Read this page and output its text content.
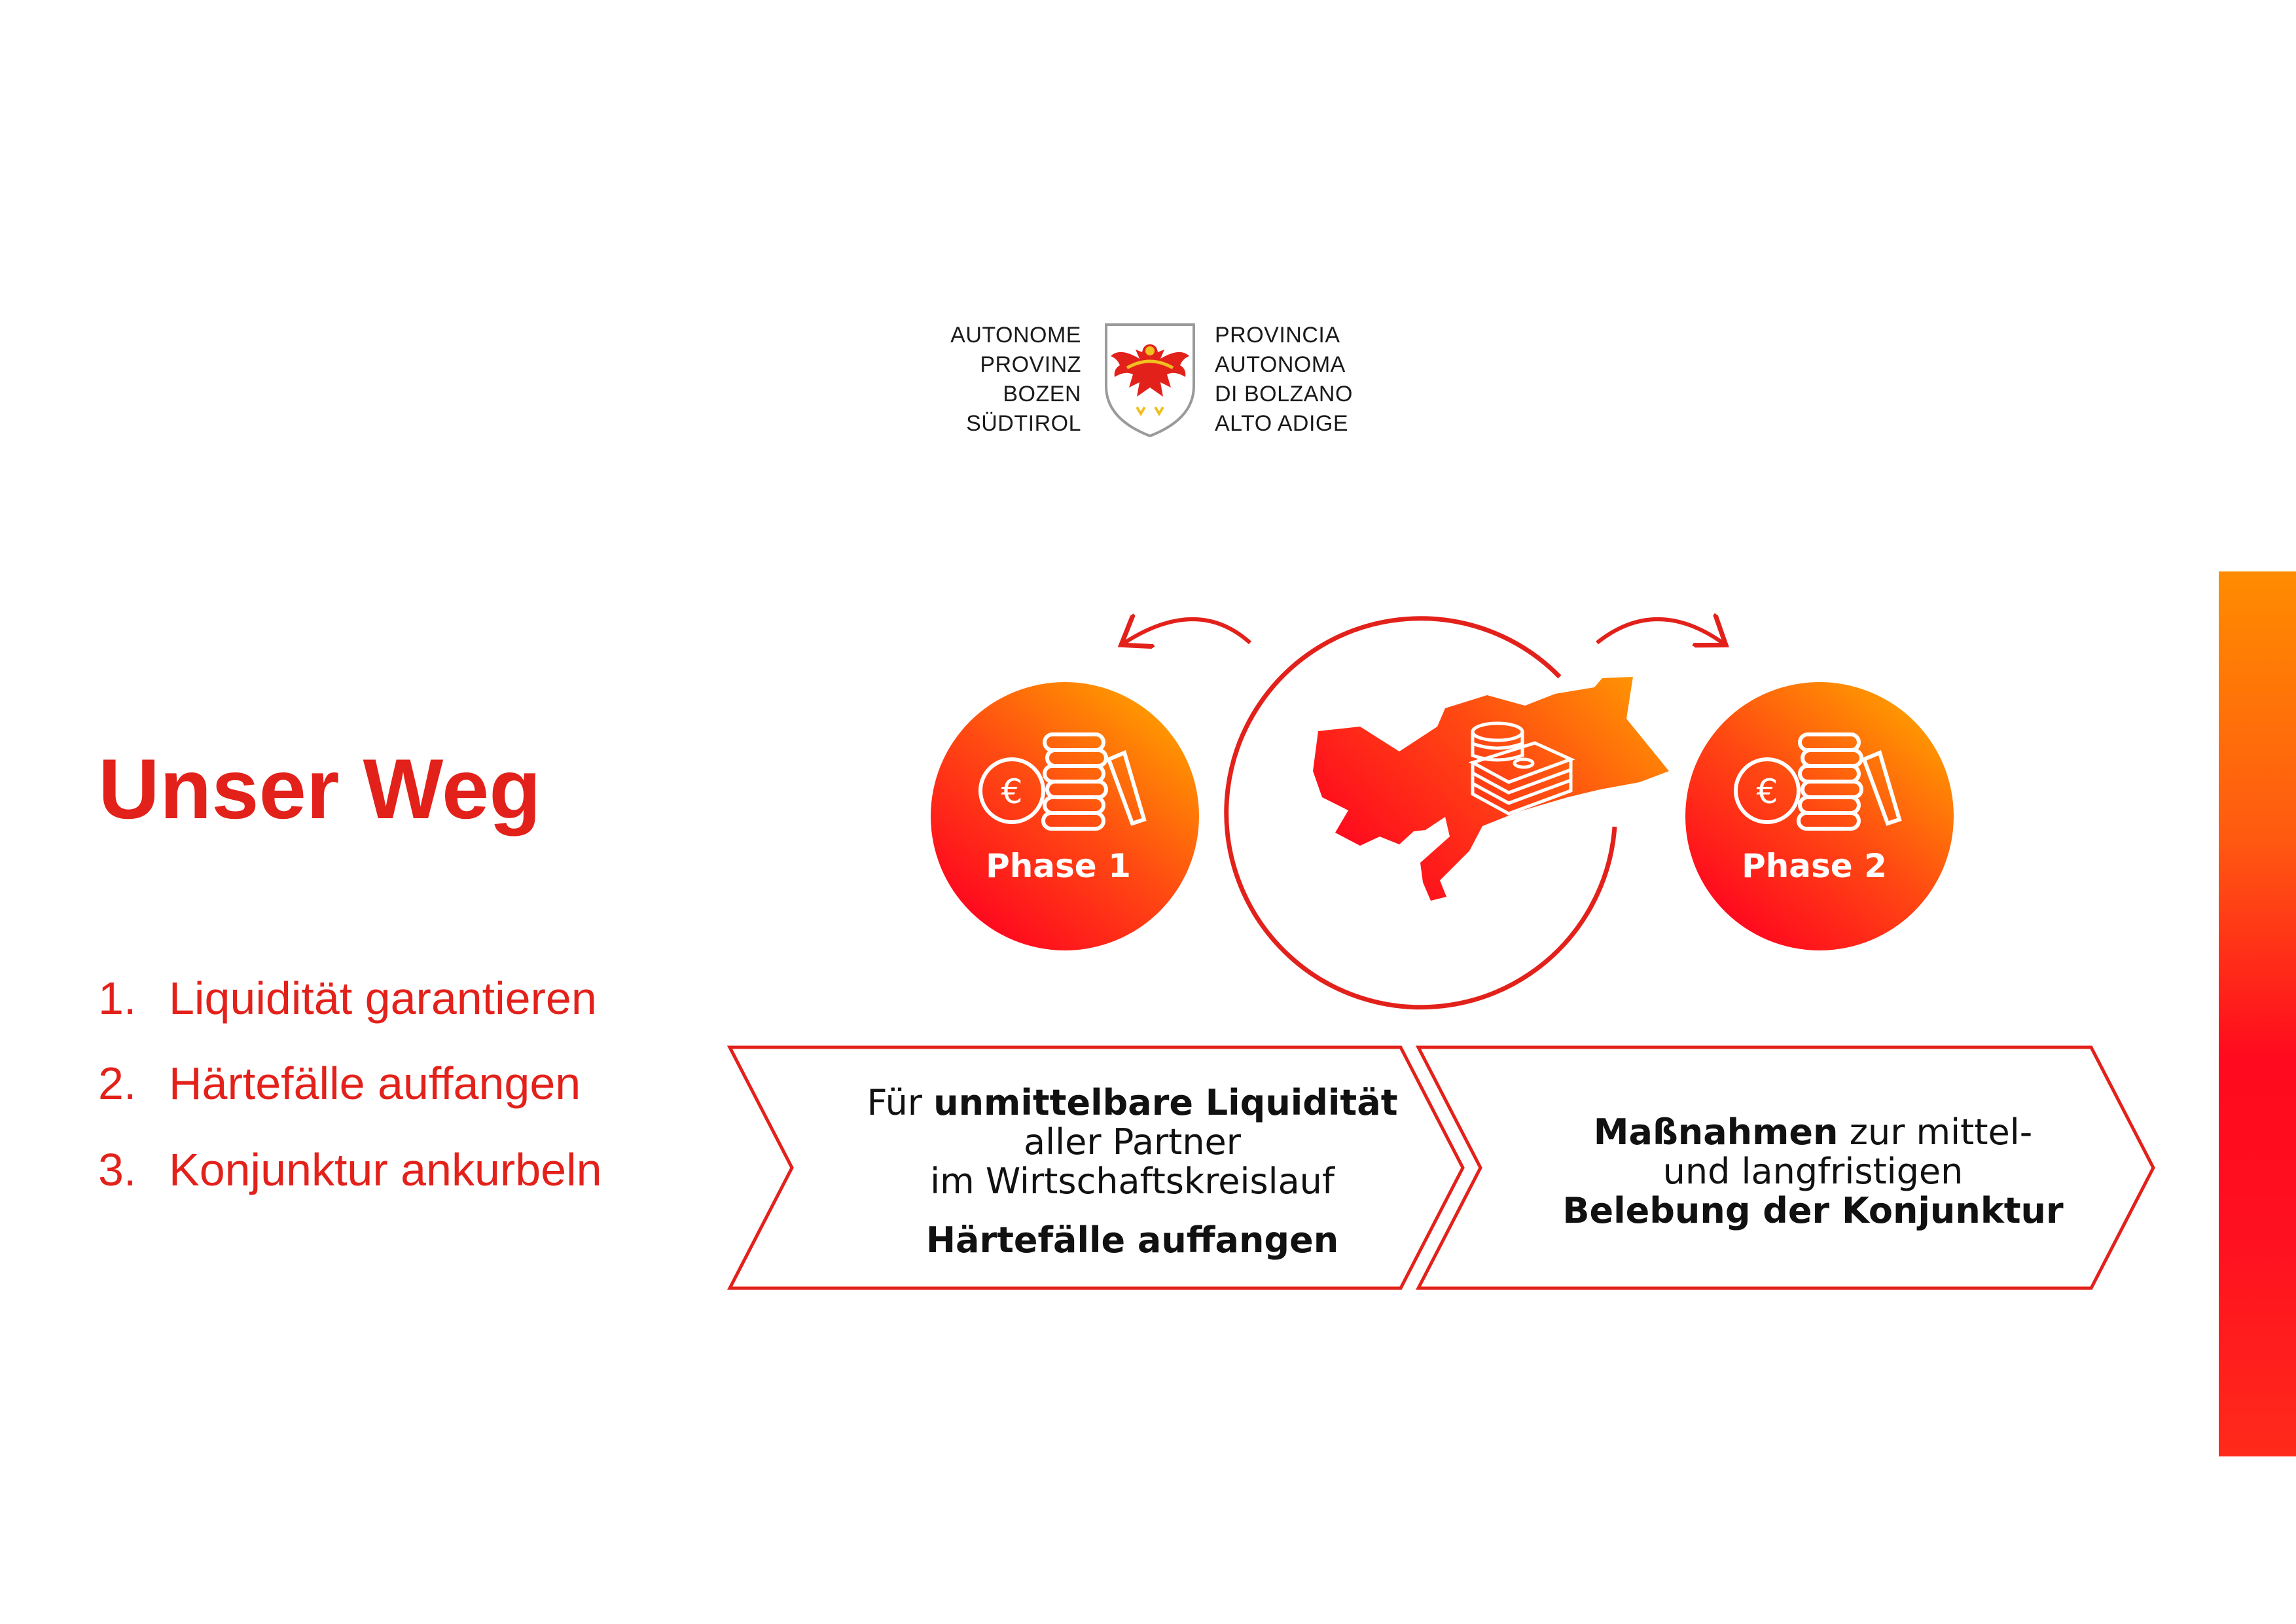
AUTONOME
PROVINZ
BOZEN
SÜDTIROL
PROVINCIA
AUTONOMA
DI BOLZANO
ALTO ADIGE
Unser Weg
1. Liquidität garantieren
2. Härtefälle auffangen
3. Konjunktur ankurbeln
€
Phase 1
€
Phase 2
Für unmittelbare Liquidität
aller Partner
im Wirtschaftskreislauf
Härtefälle auffangen
Maßnahmen zur mittel-
und langfristigen
Belebung der Konjunktur
